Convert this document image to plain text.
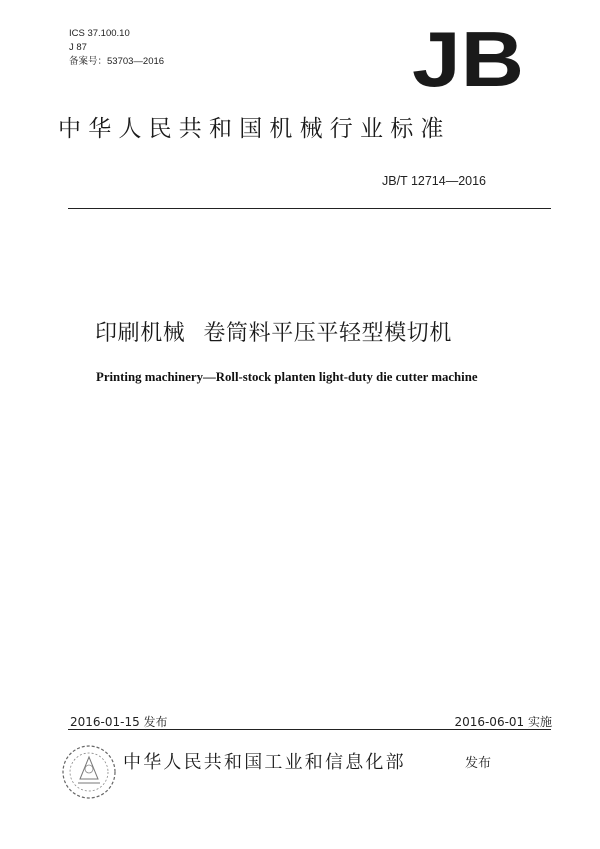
ICS 37.100.10
J 87
备案号：53703—2016	JB
中华人民共和国机械行业标准
JB/T 12714—2016
印刷机械 卷筒料平压平轻型模切机
Printing machinery—Roll-stock planten light-duty die cutter machine
2016-01-15 发布	2016-06-01 实施
中华人民共和国工业和信息化部	发布
